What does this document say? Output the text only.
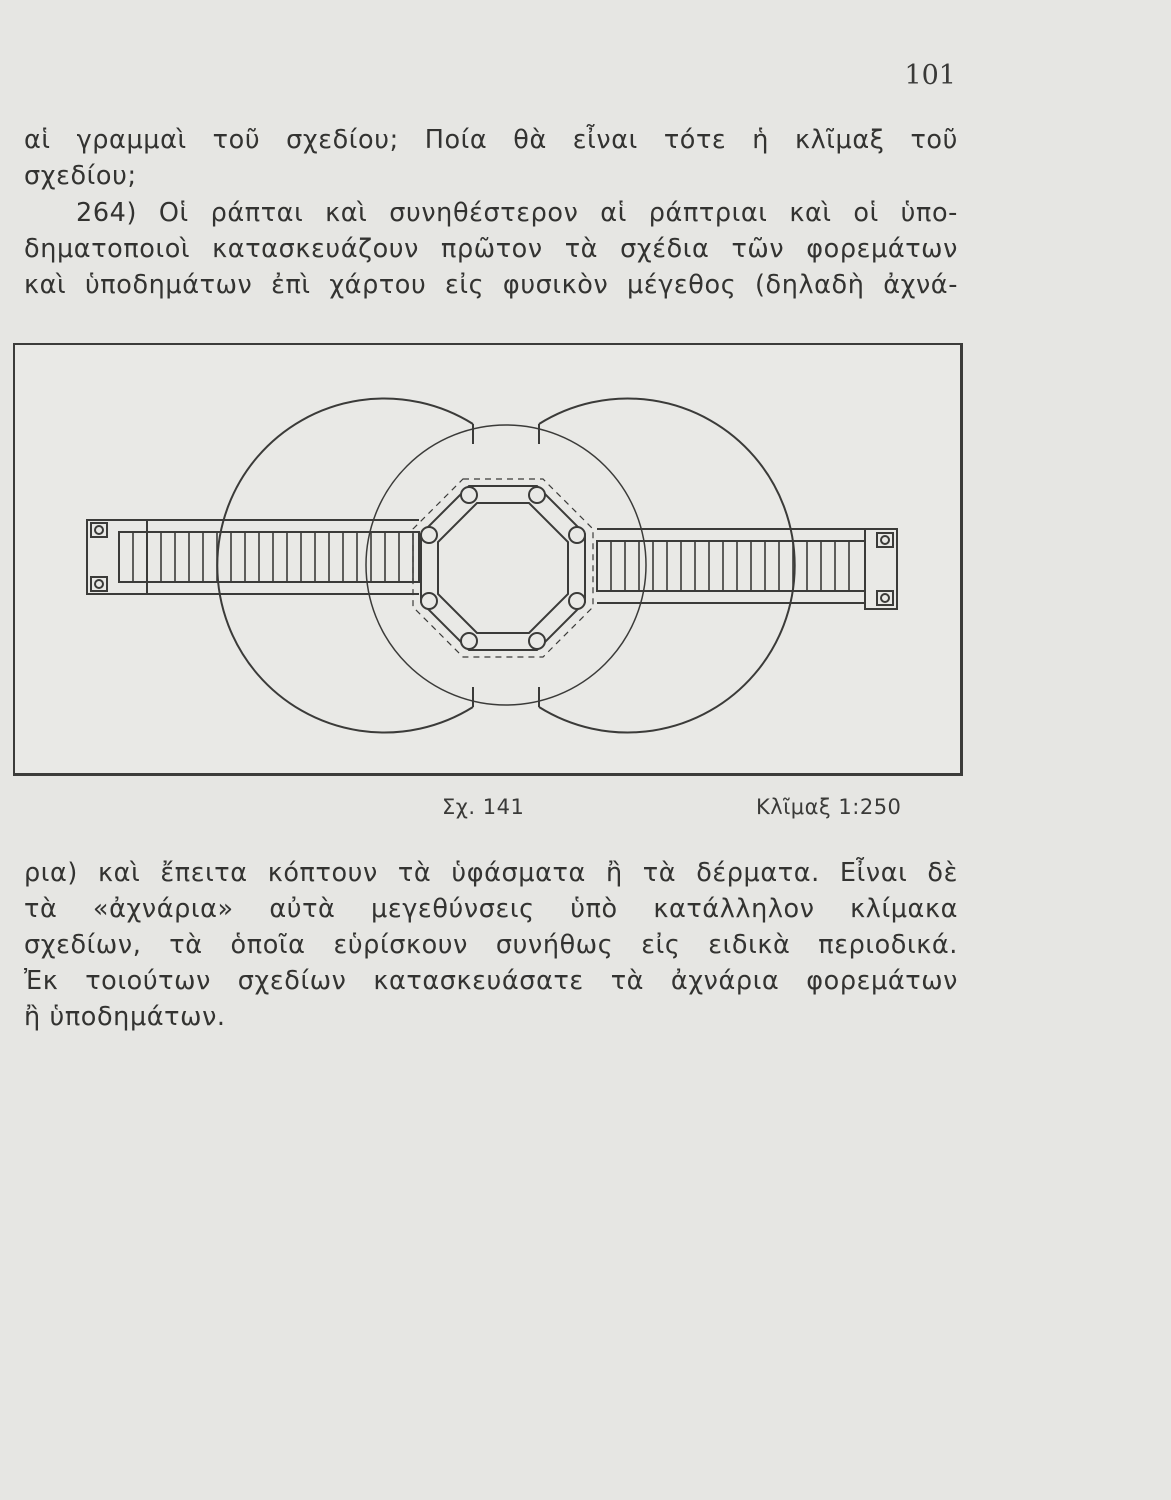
101
αἱ γραμμαὶ τοῦ σχεδίου; Ποία θὰ εἶναι τότε ἡ κλῖμαξ τοῦ
σχεδίου;
264) Οἱ ράπται καὶ συνηθέστερον αἱ ράπτριαι καὶ οἱ ὑπο-
δηματοποιοὶ κατασκευάζουν πρῶτον τὰ σχέδια τῶν φορεμάτων
καὶ ὑποδημάτων ἐπὶ χάρτου εἰς φυσικὸν μέγεθος (δηλαδὴ ἀχνά-
Σχ. 141	Κλῖμαξ 1:250
ρια) καὶ ἔπειτα κόπτουν τὰ ὑφάσματα ἢ τὰ δέρματα. Εἶναι δὲ
τὰ «ἀχνάρια» αὐτὰ μεγεθύνσεις ὑπὸ κατάλληλον κλίμακα
σχεδίων, τὰ ὁποῖα εὑρίσκουν συνήθως εἰς ειδικὰ περιοδικά.
Ἐκ τοιούτων σχεδίων κατασκευάσατε τὰ ἀχνάρια φορεμάτων
ἢ ὑποδημάτων.
